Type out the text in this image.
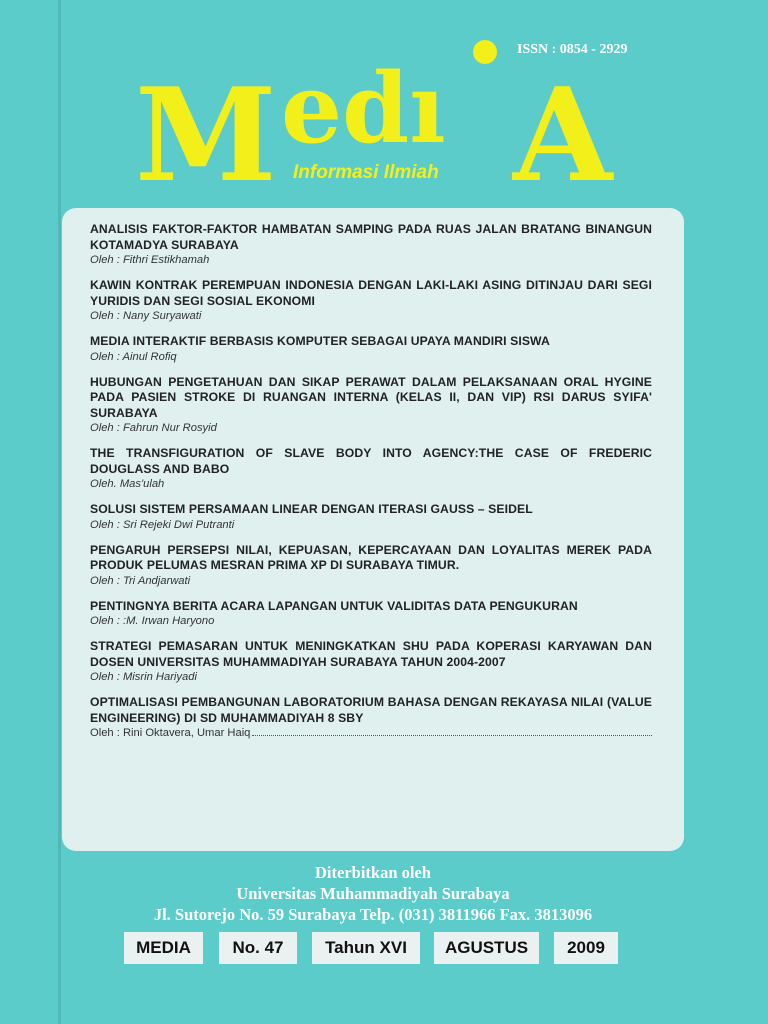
ISSN : 0854 - 2929
M edı A
Informasi Ilmiah
ANALISIS FAKTOR-FAKTOR HAMBATAN SAMPING PADA RUAS JALAN BRATANG BINANGUN KOTAMADYA SURABAYA
Oleh : Fithri Estikhamah
KAWIN KONTRAK PEREMPUAN INDONESIA DENGAN LAKI-LAKI ASING DITINJAU DARI SEGI YURIDIS DAN SEGI SOSIAL EKONOMI
Oleh : Nany Suryawati
MEDIA INTERAKTIF BERBASIS KOMPUTER SEBAGAI UPAYA MANDIRI SISWA
Oleh : Ainul Rofiq
HUBUNGAN PENGETAHUAN DAN SIKAP PERAWAT DALAM PELAKSANAAN ORAL HYGINE PADA PASIEN STROKE DI RUANGAN INTERNA (KELAS II, DAN VIP) RSI DARUS SYIFA' SURABAYA
Oleh : Fahrun Nur Rosyid
THE TRANSFIGURATION OF SLAVE BODY INTO AGENCY:THE CASE OF FREDERIC DOUGLASS AND BABO
Oleh. Mas'ulah
SOLUSI SISTEM PERSAMAAN LINEAR DENGAN ITERASI GAUSS – SEIDEL
Oleh : Sri Rejeki Dwi Putranti
PENGARUH PERSEPSI NILAI, KEPUASAN, KEPERCAYAAN DAN LOYALITAS MEREK PADA PRODUK PELUMAS MESRAN PRIMA XP DI SURABAYA TIMUR.
Oleh : Tri Andjarwati
PENTINGNYA BERITA ACARA LAPANGAN UNTUK VALIDITAS DATA PENGUKURAN
Oleh : :M. Irwan Haryono
STRATEGI PEMASARAN UNTUK MENINGKATKAN SHU PADA KOPERASI KARYAWAN DAN DOSEN UNIVERSITAS MUHAMMADIYAH SURABAYA TAHUN 2004-2007
Oleh : Misrin Hariyadi
OPTIMALISASI PEMBANGUNAN LABORATORIUM BAHASA DENGAN REKAYASA NILAI (VALUE ENGINEERING) DI SD MUHAMMADIYAH 8 SBY
Oleh : Rini Oktavera, Umar Haiq
Diterbitkan oleh
Universitas Muhammadiyah Surabaya
Jl. Sutorejo No. 59 Surabaya Telp. (031) 3811966 Fax. 3813096
MEDIA	No. 47	Tahun XVI	AGUSTUS	2009
